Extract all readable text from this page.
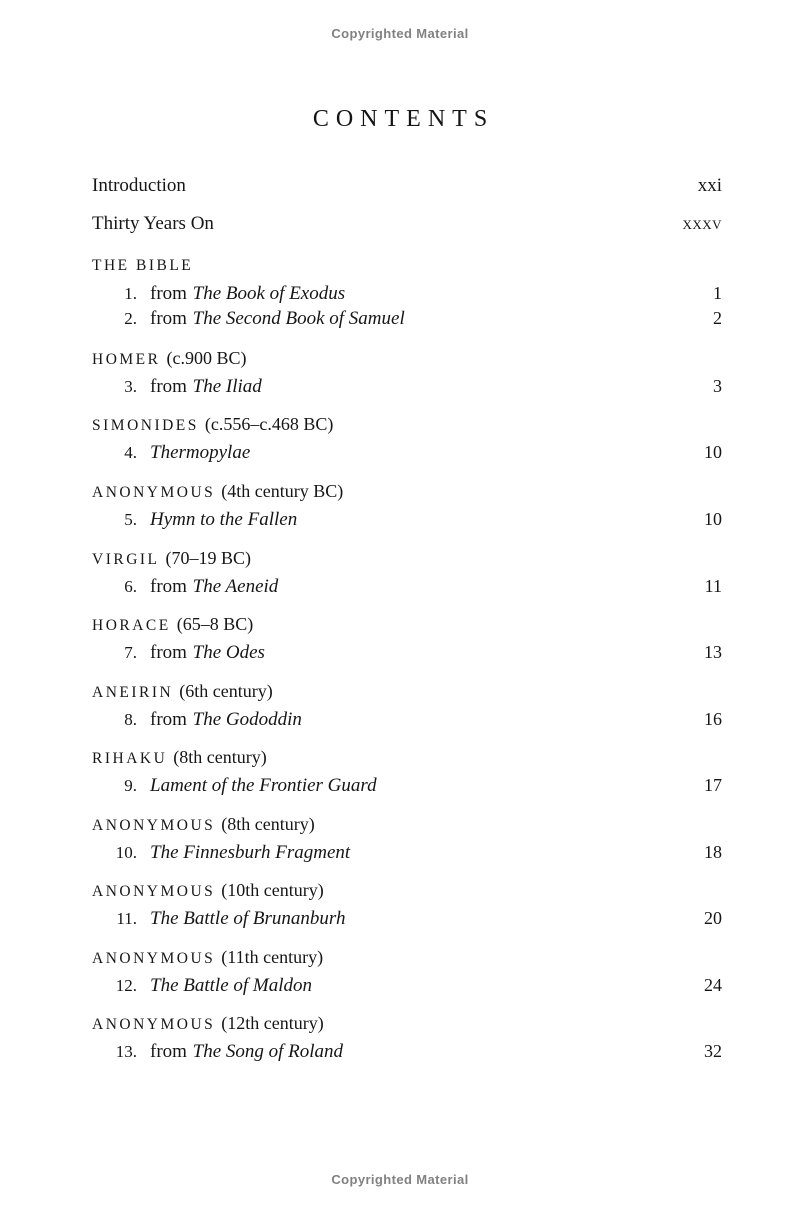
Copyrighted Material
CONTENTS
Introduction	xxi
Thirty Years On	xxxv
THE BIBLE
1. from The Book of Exodus	1
2. from The Second Book of Samuel	2
HOMER (c.900 BC)
3. from The Iliad	3
SIMONIDES (c.556–c.468 BC)
4. Thermopylae	10
ANONYMOUS (4th century BC)
5. Hymn to the Fallen	10
VIRGIL (70–19 BC)
6. from The Aeneid	11
HORACE (65–8 BC)
7. from The Odes	13
ANEIRIN (6th century)
8. from The Gododdin	16
RIHAKU (8th century)
9. Lament of the Frontier Guard	17
ANONYMOUS (8th century)
10. The Finnesburh Fragment	18
ANONYMOUS (10th century)
11. The Battle of Brunanburh	20
ANONYMOUS (11th century)
12. The Battle of Maldon	24
ANONYMOUS (12th century)
13. from The Song of Roland	32
Copyrighted Material
